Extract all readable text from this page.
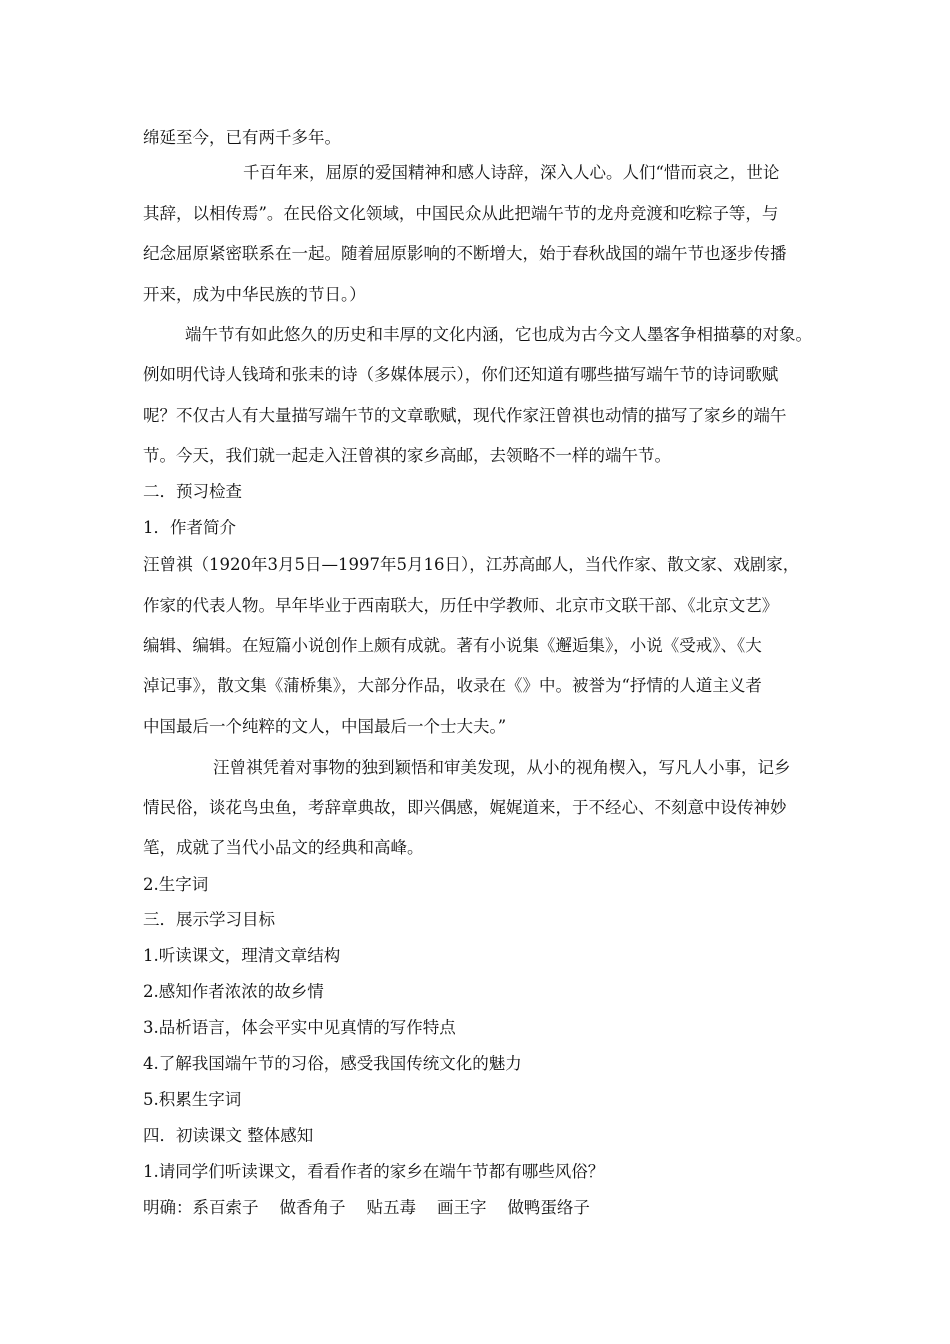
绵延至今，已有两千多年。
千百年来，屈原的爱国精神和感人诗辞，深入人心。人们“惜而哀之，世论
其辞，以相传焉”。在民俗文化领域，中国民众从此把端午节的龙舟竞渡和吃粽子等，与
纪念屈原紧密联系在一起。随着屈原影响的不断增大，始于春秋战国的端午节也逐步传播
开来，成为中华民族的节日。）
端午节有如此悠久的历史和丰厚的文化内涵，它也成为古今文人墨客争相描摹的对象。
例如明代诗人钱琦和张耒的诗（多媒体展示），你们还知道有哪些描写端午节的诗词歌赋
呢？不仅古人有大量描写端午节的文章歌赋，现代作家汪曾祺也动情的描写了家乡的端午
节。今天，我们就一起走入汪曾祺的家乡高邮，去领略不一样的端午节。
二．预习检查
1．作者简介
汪曾祺（1920年3月5日—1997年5月16日），江苏高邮人，当代作家、散文家、戏剧家，
作家的代表人物。早年毕业于西南联大，历任中学教师、北京市文联干部、《北京文艺》
编辑、编辑。在短篇小说创作上颇有成就。著有小说集《邂逅集》，小说《受戒》、《大
淖记事》，散文集《蒲桥集》，大部分作品，收录在《》中。被誉为“抒情的人道主义者
中国最后一个纯粹的文人，中国最后一个士大夫。”
汪曾祺凭着对事物的独到颖悟和审美发现，从小的视角楔入，写凡人小事，记乡
情民俗，谈花鸟虫鱼，考辞章典故，即兴偶感，娓娓道来，于不经心、不刻意中设传神妙
笔，成就了当代小品文的经典和高峰。
2.生字词
三．展示学习目标
1.听读课文，理清文章结构
2.感知作者浓浓的故乡情
3.品析语言，体会平实中见真情的写作特点
4.了解我国端午节的习俗，感受我国传统文化的魅力
5.积累生字词
四．初读课文 整体感知
1.请同学们听读课文，看看作者的家乡在端午节都有哪些风俗？
明确：系百索子    做香角子    贴五毒    画王字    做鸭蛋络子
